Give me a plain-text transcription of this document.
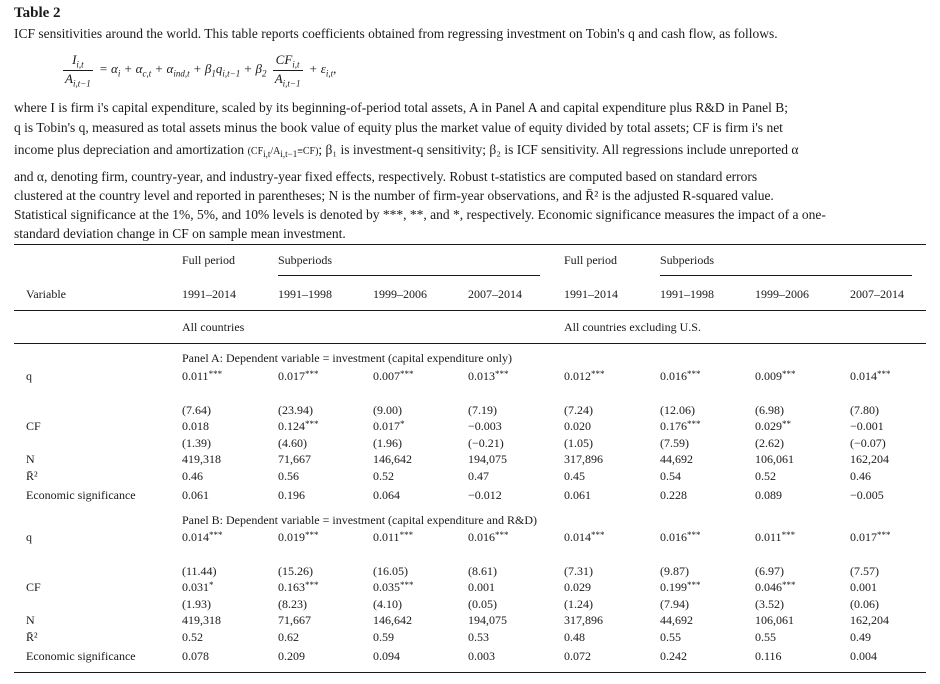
Table 2
ICF sensitivities around the world. This table reports coefficients obtained from regressing investment on Tobin's q and cash flow, as follows.
$\frac{I_{i,t}}{A_{i,t-1}} = \alpha_i + \alpha_{c,t} + \alpha_{ind,t} + \beta_1q_{i,t-1} + \beta_2 \frac{CF_{i,t}}{A_{i,t-1}} + \varepsilon_{i,t}$,
where I is firm i's capital expenditure, scaled by its beginning-of-period total assets, A in Panel A and capital expenditure plus R&D in Panel B;
q is Tobin's q, measured as total assets minus the book value of equity plus the market value of equity divided by total assets; CF is firm i's net
income plus depreciation and amortization $(CF_{i,t}/A_{i,t-1}\equiv CF)$; β₁ is investment-q sensitivity; β₂ is ICF sensitivity. All regressions include unreported α
and α, denoting firm, country-year, and industry-year fixed effects, respectively. Robust t-statistics are computed based on standard errors
clustered at the country level and reported in parentheses; N is the number of firm-year observations, and R̄² is the adjusted R-squared value.
Statistical significance at the 1%, 5%, and 10% levels is denoted by ***, **, and *, respectively. Economic significance measures the impact of a one-
standard deviation change in CF on sample mean investment.
Full period	Subperiods	Full period	Subperiods
Variable	1991–2014	1991–1998	1999–2006	2007–2014	1991–2014	1991–1998	1999–2006	2007–2014
All countries	All countries excluding U.S.
Panel A: Dependent variable = investment (capital expenditure only)
q	0.011***	0.017***	0.007***	0.013***	0.012***	0.016***	0.009***	0.014***
(7.64)	(23.94)	(9.00)	(7.19)	(7.24)	(12.06)	(6.98)	(7.80)
CF	0.018	0.124***	0.017*	−0.003	0.020	0.176***	0.029**	−0.001
(1.39)	(4.60)	(1.96)	(−0.21)	(1.05)	(7.59)	(2.62)	(−0.07)
N	419,318	71,667	146,642	194,075	317,896	44,692	106,061	162,204
R̄²	0.46	0.56	0.52	0.47	0.45	0.54	0.52	0.46
Economic significance	0.061	0.196	0.064	−0.012	0.061	0.228	0.089	−0.005
Panel B: Dependent variable = investment (capital expenditure and R&D)
q	0.014***	0.019***	0.011***	0.016***	0.014***	0.016***	0.011***	0.017***
(11.44)	(15.26)	(16.05)	(8.61)	(7.31)	(9.87)	(6.97)	(7.57)
CF	0.031*	0.163***	0.035***	0.001	0.029	0.199***	0.046***	0.001
(1.93)	(8.23)	(4.10)	(0.05)	(1.24)	(7.94)	(3.52)	(0.06)
N	419,318	71,667	146,642	194,075	317,896	44,692	106,061	162,204
R̄²	0.52	0.62	0.59	0.53	0.48	0.55	0.55	0.49
Economic significance	0.078	0.209	0.094	0.003	0.072	0.242	0.116	0.004
